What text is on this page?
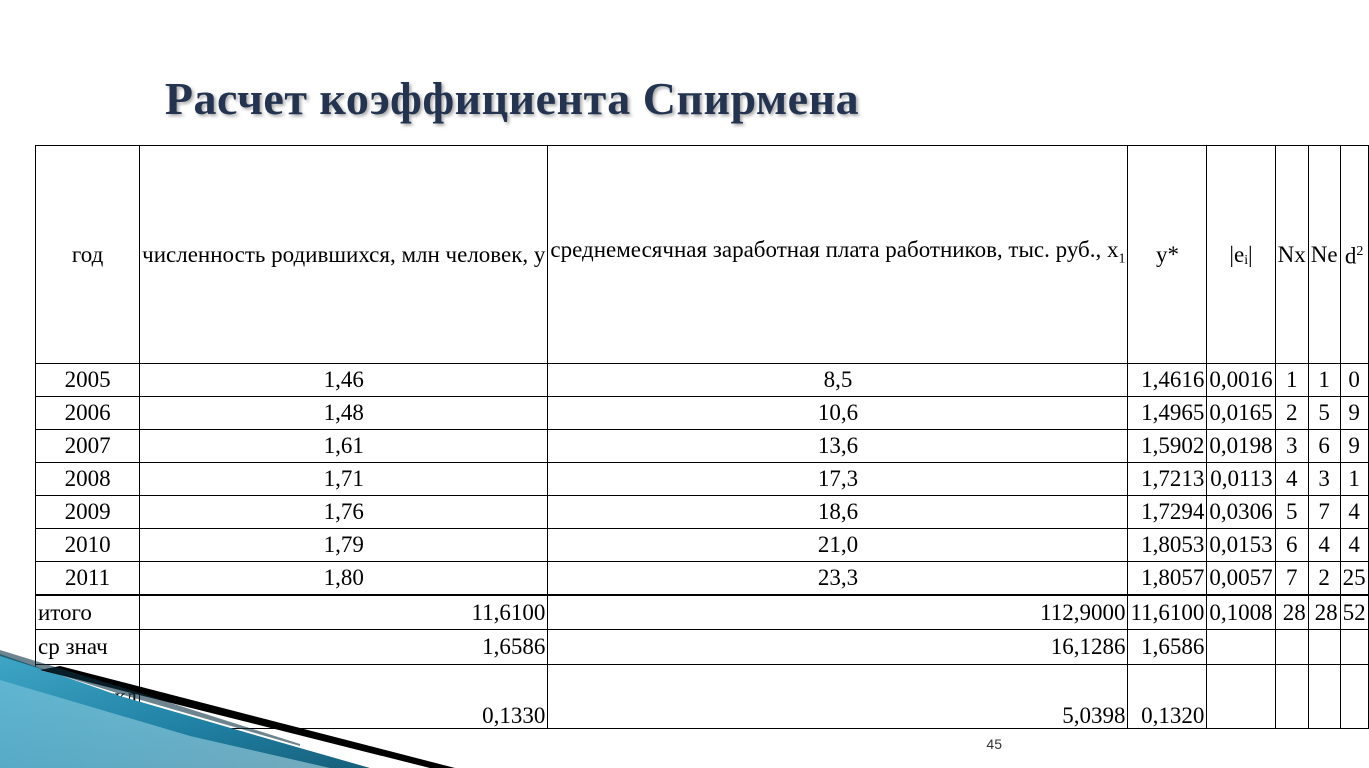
Расчет коэффициента Спирмена
год	численность родившихся, млн человек, у	среднемесячная заработная плата работников, тыс. руб., $х_1$	у*	|eᵢ|	Nx	Ne	$d^2$
2005	1,46	8,5	1,4616	0,0016	1	1	0
2006	1,48	10,6	1,4965	0,0165	2	5	9
2007	1,61	13,6	1,5902	0,0198	3	6	9
2008	1,71	17,3	1,7213	0,0113	4	3	1
2009	1,76	18,6	1,7294	0,0306	5	7	4
2010	1,79	21,0	1,8053	0,0153	6	4	4
2011	1,80	23,3	1,8057	0,0057	7	2	25
итого	11,6100	112,9000	11,6100	0,1008	28	28	52
ср знач	1,6586	16,1286	1,6586				
	0,1330	5,0398	0,1320				
45
